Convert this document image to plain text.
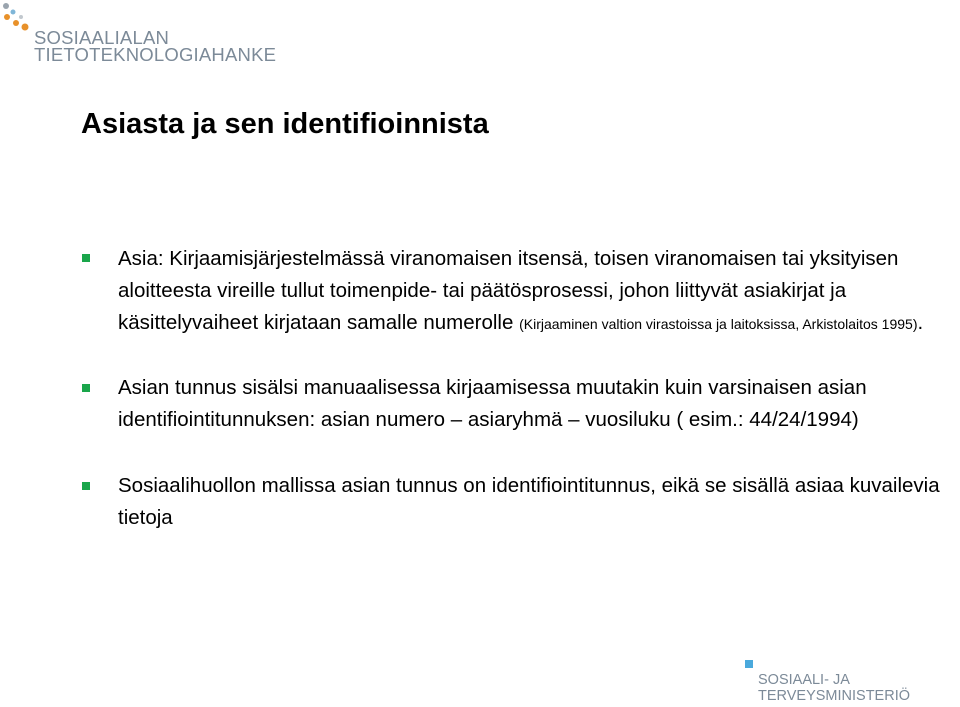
SOSIAALIALAN
TIETOTEKNOLOGIAHANKE
Asiasta ja sen identifioinnista
Asia: Kirjaamisjärjestelmässä viranomaisen itsensä, toisen viranomaisen tai yksityisen aloitteesta vireille tullut toimenpide- tai päätösprosessi, johon liittyvät asiakirjat ja käsittelyvaiheet kirjataan samalle numerolle (Kirjaaminen valtion virastoissa ja laitoksissa, Arkistolaitos 1995).
Asian tunnus sisälsi manuaalisessa kirjaamisessa muutakin kuin varsinaisen asian identifiointitunnuksen: asian numero – asiaryhmä – vuosiluku ( esim.: 44/24/1994)
Sosiaalihuollon mallissa asian tunnus on identifiointitunnus, eikä se sisällä asiaa kuvailevia tietoja
SOSIAALI- JA
TERVEYSMINISTERIÖ
